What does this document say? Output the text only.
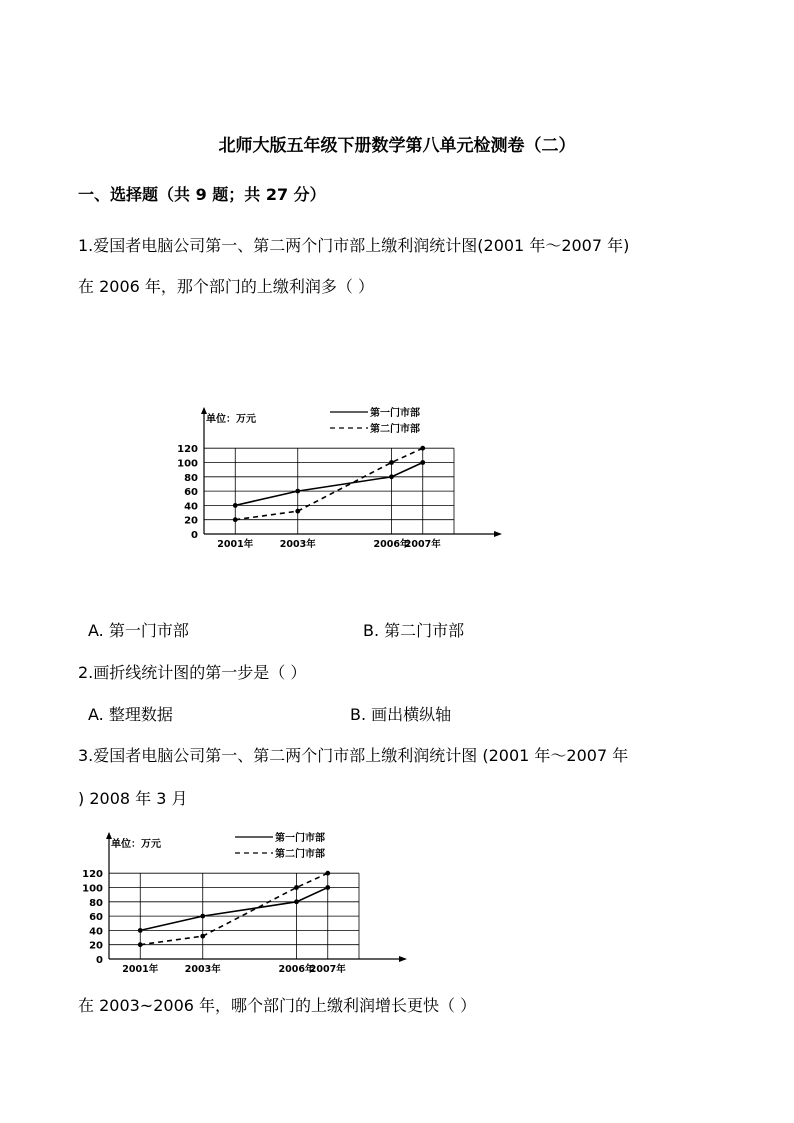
北师大版五年级下册数学第八单元检测卷（二）
一、选择题（共 9 题；共 27 分）
1.爱国者电脑公司第一、第二两个门市部上缴利润统计图(2001 年～2007 年)
在 2006 年，那个部门的上缴利润多（ ）
0
20
40
60
80
100
120
2001年	2003年	2006年
2007年
单位：万元
第一门市部
第二门市部
A. 第一门市部	B. 第二门市部
2.画折线统计图的第一步是（ ）
A. 整理数据	B. 画出横纵轴
3.爱国者电脑公司第一、第二两个门市部上缴利润统计图 (2001 年～2007 年
) 2008 年 3 月
0
20
40
60
80
100
120
2001年	2003年	2006年
2007年
单位：万元
第一门市部
第二门市部
在 2003~2006 年，哪个部门的上缴利润增长更快（ ）
